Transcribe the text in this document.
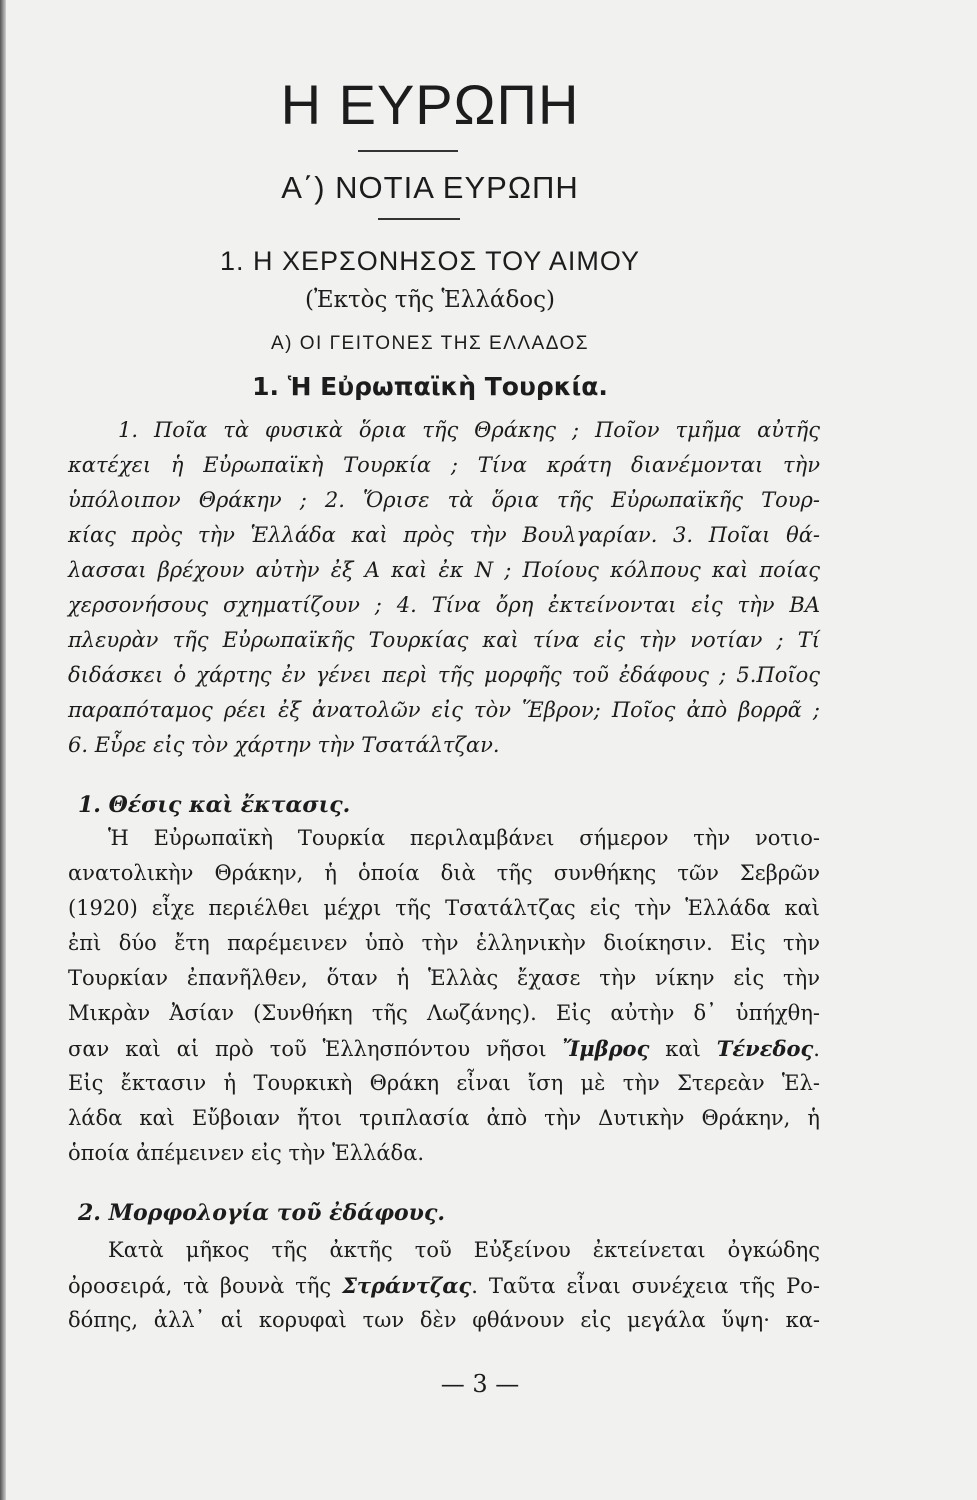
Η ΕΥΡΩΠΗ
Α΄) ΝΟΤΙΑ ΕΥΡΩΠΗ
1. Η ΧΕΡΣΟΝΗΣΟΣ ΤΟΥ ΑΙΜΟΥ
(Ἐκτὸς τῆς Ἑλλάδος)
Α) ΟΙ ΓΕΙΤΟΝΕΣ ΤΗΣ ΕΛΛΑΔΟΣ
1. Ἡ Εὐρωπαϊκὴ Τουρκία.
1. Ποῖα τὰ φυσικὰ ὅρια τῆς Θράκης ; Ποῖον τμῆμα αὐτῆς
κατέχει ἡ Εὐρωπαϊκὴ Τουρκία ; Τίνα κράτη διανέμονται τὴν
ὑπόλοιπον Θράκην ; 2. Ὅρισε τὰ ὅρια τῆς Εὐρωπαϊκῆς Τουρ-
κίας πρὸς τὴν Ἑλλάδα καὶ πρὸς τὴν Βουλγαρίαν. 3. Ποῖαι θά-
λασσαι βρέχουν αὐτὴν ἐξ Α καὶ ἐκ Ν ; Ποίους κόλπους καὶ ποίας
χερσονήσους σχηματίζουν ; 4. Τίνα ὄρη ἐκτείνονται εἰς τὴν ΒΑ
πλευρὰν τῆς Εὐρωπαϊκῆς Τουρκίας καὶ τίνα εἰς τὴν νοτίαν ; Τί
διδάσκει ὁ χάρτης ἐν γένει περὶ τῆς μορφῆς τοῦ ἐδάφους ; 5.Ποῖος
παραπόταμος ρέει ἐξ ἀνατολῶν εἰς τὸν Ἕβρον; Ποῖος ἀπὸ βορρᾶ ;
6. Εὗρε εἰς τὸν χάρτην τὴν Τσατάλτζαν.
1. Θέσις καὶ ἔκτασις.
Ἡ Εὐρωπαϊκὴ Τουρκία περιλαμβάνει σήμερον τὴν νοτιο-
ανατολικὴν Θράκην, ἡ ὁποία διὰ τῆς συνθήκης τῶν Σεβρῶν
(1920) εἶχε περιέλθει μέχρι τῆς Τσατάλτζας εἰς τὴν Ἑλλάδα καὶ
ἐπὶ δύο ἔτη παρέμεινεν ὑπὸ τὴν ἑλληνικὴν διοίκησιν. Εἰς τὴν
Τουρκίαν ἐπανῆλθεν, ὅταν ἡ Ἑλλὰς ἔχασε τὴν νίκην εἰς τὴν
Μικρὰν Ἀσίαν (Συνθήκη τῆς Λωζάνης). Εἰς αὐτὴν δ᾽ ὑπήχθη-
σαν καὶ αἱ πρὸ τοῦ Ἑλλησπόντου νῆσοι Ἴμβρος καὶ Τένεδος.
Εἰς ἔκτασιν ἡ Τουρκικὴ Θράκη εἶναι ἴση μὲ τὴν Στερεὰν Ἑλ-
λάδα καὶ Εὔβοιαν ἤτοι τριπλασία ἀπὸ τὴν Δυτικὴν Θράκην, ἡ
ὁποία ἀπέμεινεν εἰς τὴν Ἑλλάδα.
2. Μορφολογία τοῦ ἐδάφους.
Κατὰ μῆκος τῆς ἀκτῆς τοῦ Εὐξείνου ἐκτείνεται ὀγκώδης
ὀροσειρά, τὰ βουνὰ τῆς Στράντζας. Ταῦτα εἶναι συνέχεια τῆς Ρο-
δόπης, ἀλλ᾽ αἱ κορυφαὶ των δὲν φθάνουν εἰς μεγάλα ὕψη· κα-
— 3 —
